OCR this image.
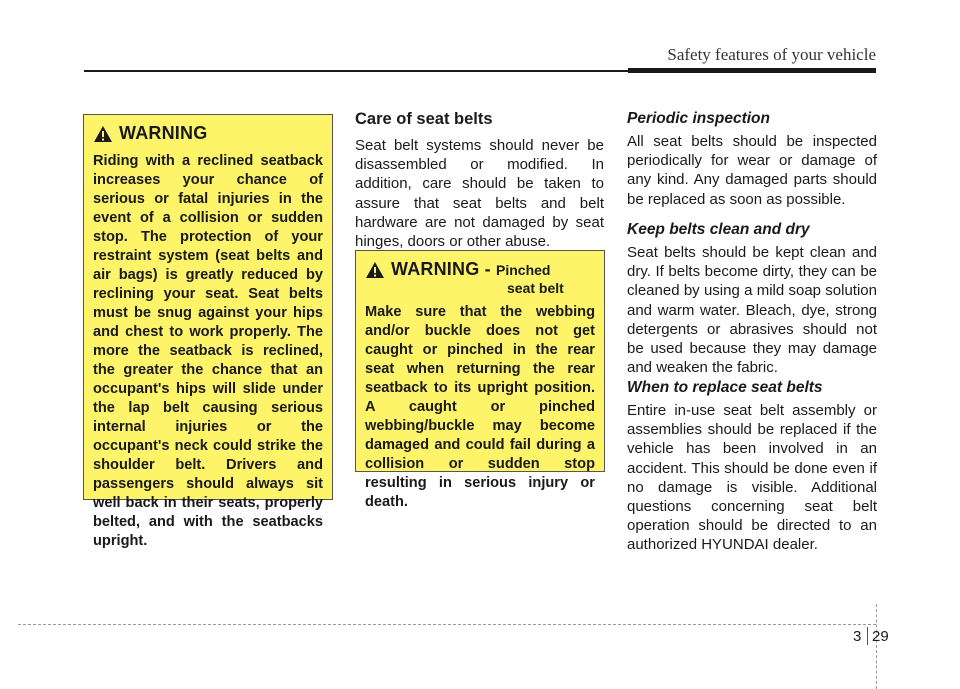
Safety features of your vehicle
WARNING

Riding with a reclined seatback increases your chance of serious or fatal injuries in the event of a collision or sudden stop. The protection of your restraint system (seat belts and air bags) is greatly reduced by reclining your seat. Seat belts must be snug against your hips and chest to work properly. The more the seatback is reclined, the greater the chance that an occupant's hips will slide under the lap belt causing serious internal injuries or the occupant's neck could strike the shoulder belt. Drivers and passengers should always sit well back in their seats, properly belted, and with the seatbacks upright.

Care of seat belts

Seat belt systems should never be disassembled or modified. In addition, care should be taken to assure that seat belts and belt hardware are not damaged by seat hinges, doors or other abuse.

WARNING - Pinched
seat belt

Make sure that the webbing and/or buckle does not get caught or pinched in the rear seat when returning the rear seatback to its upright position. A caught or pinched webbing/buckle may become damaged and could fail during a collision or sudden stop resulting in serious injury or death.

Periodic inspection

All seat belts should be inspected periodically for wear or damage of any kind. Any damaged parts should be replaced as soon as possible.

Keep belts clean and dry

Seat belts should be kept clean and dry. If belts become dirty, they can be cleaned by using a mild soap solution and warm water. Bleach, dye, strong detergents or abrasives should not be used because they may damage and weaken the fabric.

When to replace seat belts

Entire in-use seat belt assembly or assemblies should be replaced if the vehicle has been involved in an accident. This should be done even if no damage is visible. Additional questions concerning seat belt operation should be directed to an authorized HYUNDAI dealer.

3 29
